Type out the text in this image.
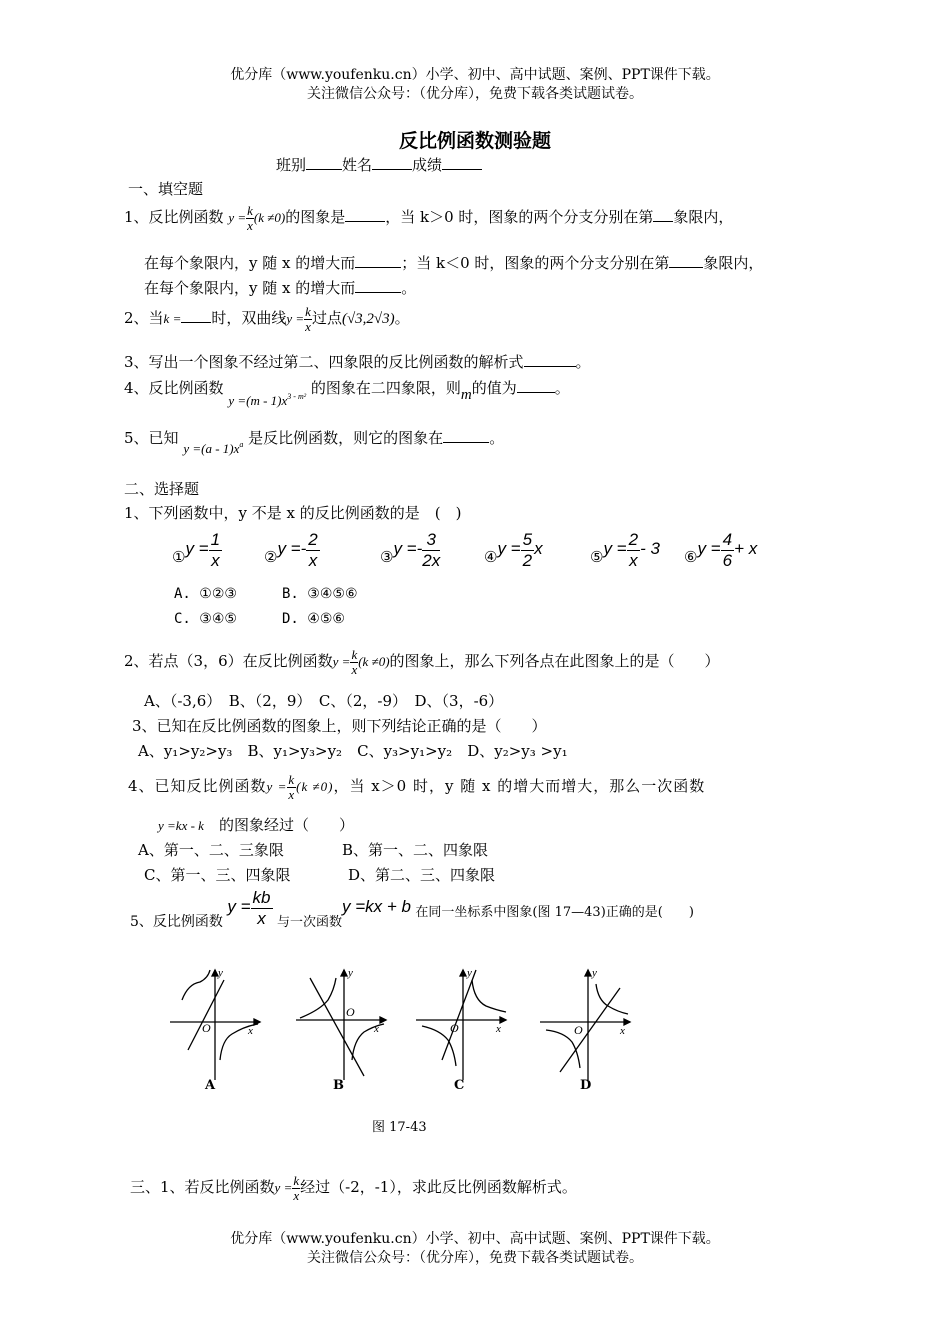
优分库（www.youfenku.cn）小学、初中、高中试题、案例、PPT课件下载。
关注微信公众号：（优分库），免费下载各类试题试卷。
反比例函数测验题
班别 姓名	成绩
一、填空题
1、反比例函数 $y = \frac{k}{x} (k \ne 0)$的图象是	，当 k＞0 时，图象的两个分支分别在第 象限内，
在每个象限内，y 随 x 的增大而	；当 k＜0 时，图象的两个分支分别在第 象限内，
在每个象限内，y 随 x 的增大而	。
2、当k = 时，双曲线$y = \frac{k}{x}$ 过点(√3,2√3)。
3、写出一个图象不经过第二、四象限的反比例函数的解析式	。
4、反比例函数 $y =(m - 1)x^{3 - m^2}$ 的图象在二四象限，则m的值为	。
5、已知 $y =(a - 1)x^a$ 是反比例函数，则它的图象在	。
二、选择题
1、下列函数中，y 不是 x 的反比例函数的是　(　)
①y = $\frac{1}{x}$	②y =- $\frac{2}{x}$	③y =- $\frac{3}{2x}$	④y = $\frac{5}{2}$ x	⑤y = $\frac{2}{x} - 3$ ⑥y = $\frac{4}{6} + x$
A. ①②③	B. ③④⑤⑥
C. ③④⑤	D. ④⑤⑥
2、若点（3，6）在反比例函数$y = \frac{k}{x} (k \ne 0)$的图象上，那么下列各点在此图象上的是（　　）
A、（-3,6）　B、（2，9）　C、（2，-9）　D、（3，-6）
3、已知在反比例函数的图象上，则下列结论正确的是（　　）
A、y₁>y₂>y₃　 B、y₁>y₃>y₂　 C、y₃>y₁>y₂　 D、y₂>y₃ >y₁
4、已知反比例函数$y = \frac{k}{x} (k \ne 0)$，当 x＞0 时，y 随 x 的增大而增大，那么一次函数
y =kx - k　 的图象经过（　　）
A、第一、二、三象限	B、第一、二、四象限
C、第一、三、四象限	D、第二、三、四象限
5、反比例函数 $y = \frac{kb}{x}$ 与一次函数y =kx + b 在同一坐标系中图象(图 17—43)正确的是(　　)
y
x
O
y
x
O
y
x
O
y
x
O
A	B	C	D
图 17-43
三、1、若反比例函数$y = \frac{k}{x}$ 经过（-2，-1），求此反比例函数解析式。
优分库（www.youfenku.cn）小学、初中、高中试题、案例、PPT课件下载。
关注微信公众号：（优分库），免费下载各类试题试卷。
